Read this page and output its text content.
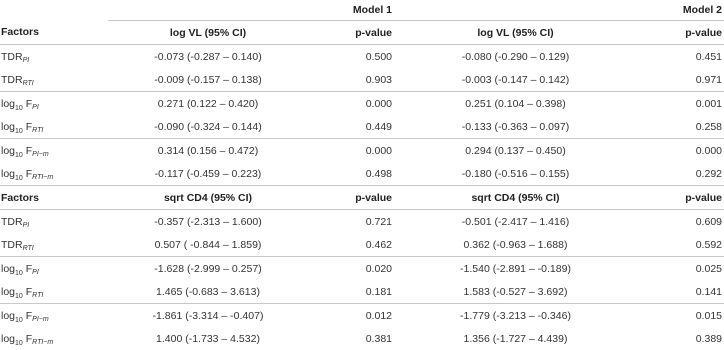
	Model 1		Model 2	
Factors	log VL (95% CI)	p-value	log VL (95% CI)	p-value
$TDR_{PI}$	-0.073 (-0.287 – 0.140)	0.500	-0.080 (-0.290 – 0.129)	0.451
$TDR_{RTI}$	-0.009 (-0.157 – 0.138)	0.903	-0.003 (-0.147 – 0.142)	0.971
$\log_{10} F_{PI}$	0.271 (0.122 – 0.420)	0.000	0.251 (0.104 – 0.398)	0.001
$\log_{10} F_{RTI}$	-0.090 (-0.324 – 0.144)	0.449	-0.133 (-0.363 – 0.097)	0.258
$\log_{10} F_{PI-m}$	0.314 (0.156 – 0.472)	0.000	0.294 (0.137 – 0.450)	0.000
$\log_{10} F_{RTI-m}$	-0.117 (-0.459 – 0.223)	0.498	-0.180 (-0.516 – 0.155)	0.292
Factors	sqrt CD4 (95% CI)	p-value	sqrt CD4 (95% CI)	p-value
$TDR_{PI}$	-0.357 (-2.313 – 1.600)	0.721	-0.501 (-2.417 – 1.416)	0.609
$TDR_{RTI}$	0.507 ( -0.844 – 1.859)	0.462	0.362 (-0.963 – 1.688)	0.592
$\log_{10} F_{PI}$	-1.628 (-2.999 – 0.257)	0.020	-1.540 (-2.891 – -0.189)	0.025
$\log_{10} F_{RTI}$	1.465 (-0.683 – 3.613)	0.181	1.583 (-0.527 – 3.692)	0.141
$\log_{10} F_{PI-m}$	-1.861 (-3.314 – -0.407)	0.012	-1.779 (-3.213 – -0.346)	0.015
$\log_{10} F_{RTI-m}$	1.400 (-1.733 – 4.532)	0.381	1.356 (-1.727 – 4.439)	0.389
